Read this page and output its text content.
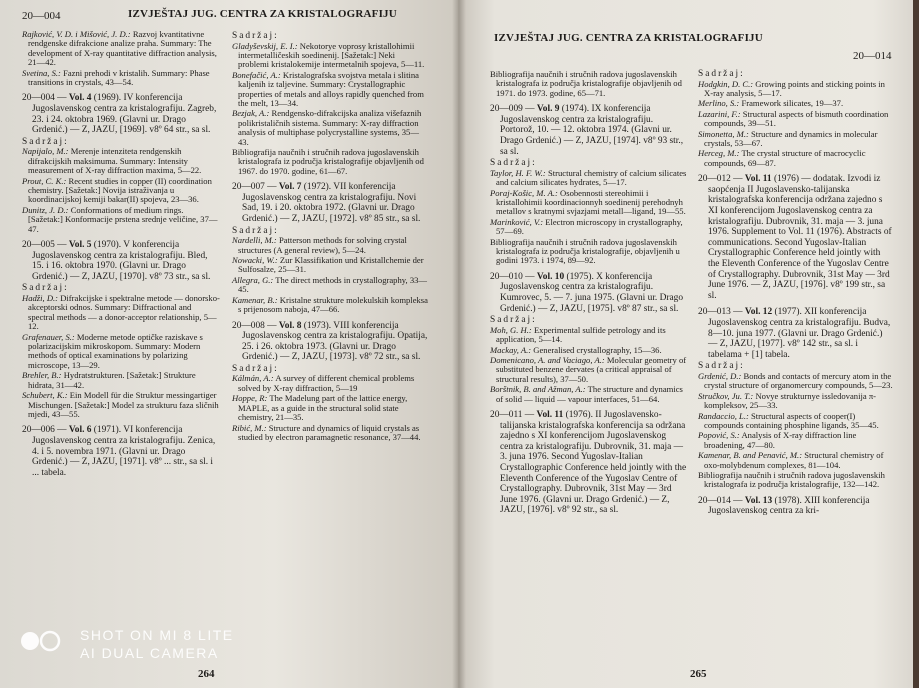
20—004	IZVJEŠTAJ JUG. CENTRA ZA KRISTALOGRAFIJU
Rajković, V. D. i Mišović, J. D.: Razvoj kvantitativne rendgenske difrakcione analize praha. Summary: The development of X-ray quantitative diffraction analysis, 21—42.
Svetina, S.: Fazni prehodi v kristalih. Summary: Phase transitions in crystals, 43—54.
20—004 — Vol. 4 (1969). IV konferencija Jugoslavenskog centra za kristalografiju. Zagreb, 23. i 24. oktobra 1969. (Glavni ur. Drago Grdenić.) — Z, JAZU, [1969]. v8º 64 str., sa sl.
Sadržaj:
Napijalo, M.: Merenje intenziteta rendgenskih difrakcijskih maksimuma. Summary: Intensity measurement of X-ray diffraction maxima, 5—22.
Prout, C. K.: Recent studies in copper (II) coordination chemistry. [Sažetak:] Novija istraživanja u koordinacijskoj kemiji bakar(II) spojeva, 23—36.
Dunitz, J. D.: Conformations of medium rings. [Sažetak:] Konformacije prstena srednje veličine, 37—47.
20—005 — Vol. 5 (1970). V konferencija Jugoslavenskog centra za kristalografiju. Bled, 15. i 16. oktobra 1970. (Glavni ur. Drago Grdenić.) — Z, JAZU, [1970]. v8º 73 str., sa sl.
Sadržaj:
Hadži, D.: Difrakcijske i spektralne metode — donorsko-akceptorski odnos. Summary: Diffractional and spectral methods — a donor-acceptor relationship, 5—12.
Grafenauer, S.: Moderne metode optičke raziskave s polarizacijskim mikroskopom. Summary: Modern methods of optical examinations by polarizing microscope, 13—29.
Brehler, B.: Hydratstrukturen. [Sažetak:] Strukture hidrata, 31—42.
Schubert, K.: Ein Modell für die Struktur messingartiger Mischungen. [Sažetak:] Model za strukturu faza sličnih mjedi, 43—55.
20—006 — Vol. 6 (1971). VI konferencija Jugoslavenskog centra za kristalografiju. Zenica, 4. i 5. novembra 1971. (Glavni ur. Drago Grdenić.) — Z, JAZU, [1971]. v8º ... str., sa sl. i ... tabela.
Sadržaj:
Gladyševskij, E. I.: Nekotorye voprosy kristallohimii intermetalličeskih soedinenij. [Sažetak:] Neki problemi kristalokemije intermetalnih spojeva, 5—11.
Bonefačić, A.: Kristalografska svojstva metala i slitina kaljenih iz taljevine. Summary: Crystallographic properties of metals and alloys rapidly quenched from the melt, 13—34.
Bezjak, A.: Rendgensko-difrakcijska analiza višefaznih polikristaličnih sistema. Summary: X-ray diffraction analysis of multiphase polycrystalline systems, 35—43.
Bibliografija naučnih i stručnih radova jugoslavenskih kristalografa iz područja kristalografije objavljenih od 1967. do 1970. godine, 61—67.
20—007 — Vol. 7 (1972). VII konferencija Jugoslavenskog centra za kristalografiju. Novi Sad, 19. i 20. oktobra 1972. (Glavni ur. Drago Grdenić.) — Z, JAZU, [1972]. v8º 85 str., sa sl.
Sadržaj:
Nardelli, M.: Patterson methods for solving crystal structures (A general review), 5—24.
Nowacki, W.: Zur Klassifikation und Kristallchemie der Sulfosalze, 25—31.
Allegra, G.: The direct methods in crystallography, 33—45.
Kamenar, B.: Kristalne strukture molekulskih kompleksa s prijenosom naboja, 47—66.
20—008 — Vol. 8 (1973). VIII konferencija Jugoslavenskog centra za kristalografiju. Opatija, 25. i 26. oktobra 1973. (Glavni ur. Drago Grdenić.) — Z, JAZU, [1973]. v8º 72 str., sa sl.
Sadržaj:
Kálmán, A.: A survey of different chemical problems solved by X-ray diffraction, 5—19
Hoppe, R: The Madelung part of the lattice energy, MAPLE, as a guide in the structural solid state chemistry, 21—35.
Ribić, M.: Structure and dynamics of liquid crystals as studied by electron paramagnetic resonance, 37—44.
264
IZVJEŠTAJ JUG. CENTRA ZA KRISTALOGRAFIJU
20—014
Bibliografija naučnih i stručnih radova jugoslavenskih kristalografa iz područja kristalografije objavljenih od 1971. do 1973. godine, 65—71.
20—009 — Vol. 9 (1974). IX konferencija Jugoslavenskog centra za kristalografiju. Portorož, 10. — 12. oktobra 1974. (Glavni ur. Drago Grdenić.) — Z, JAZU, [1974]. v8º 93 str., sa sl.
Sadržaj:
Taylor, H. F. W.: Structural chemistry of calcium silicates and calcium silicates hydrates, 5—17.
Poraj-Košic, M. A.: Osobennosti stereohimii i kristallohimii koordinacionnyh soedinenij perehodnyh metallov s kratnymi svjazjami metall—ligand, 19—55.
Marinković, V.: Electron microscopy in crystallography, 57—69.
Bibliografija naučnih i stručnih radova jugoslavenskih kristalografa iz područja kristalografije, objavljenih u godini 1973. i 1974, 89—92.
20—010 — Vol. 10 (1975). X konferencija Jugoslavenskog centra za kristalografiju. Kumrovec, 5. — 7. juna 1975. (Glavni ur. Drago Grdenić.) — Z, JAZU, [1975]. v8º 87 str., sa sl.
Sadržaj:
Moh, G. H.: Experimental sulfide petrology and its application, 5—14.
Mackay, A.: Generalised crystallography, 15—36.
Domenicano, A. and Vaciago, A.: Molecular geometry of substituted benzene dervates (a critical appraisal of structural results), 37—50.
Borštnik, B. and Ažman, A.: The structure and dynamics of solid — liquid — vapour interfaces, 51—64.
20—011 — Vol. 11 (1976). II Jugoslavensko-talijanska kristalografska konferencija sa održana zajedno s XI konferencijom Jugoslavenskog centra za kristalografiju. Dubrovnik, 31. maja — 3. juna 1976. Second Yugoslav-Italian Crystallographic Conference held jointly with the Eleventh Conference of the Yugoslav Centre of Crystallography. Dubrovnik, 31st May — 3rd June 1976. (Glavni ur. Drago Grdenić.) — Z, JAZU, [1976]. v8º 92 str., sa sl.
Sadržaj:
Hodgkin, D. C.: Growing points and sticking points in X-ray analysis, 5—17.
Merlino, S.: Framework silicates, 19—37.
Lazarini, F.: Structural aspects of bismuth coordination compounds, 39—51.
Simonetta, M.: Structure and dynamics in molecular crystals, 53—67.
Herceg, M.: The crystal structure of macrocyclic compounds, 69—87.
20—012 — Vol. 11 (1976) — dodatak. Izvodi iz saopćenja II Jugoslavensko-talijanska kristalografska konferencija održana zajedno s XI konferencijom Jugoslavenskog centra za kristalografiju. Dubrovnik, 31. maja — 3. juna 1976. Supplement to Vol. 11 (1976). Abstracts of communications. Second Yugoslav-Italian Crystallographic Conference held jointly with the Eleventh Conference of the Yugoslav Centre of Crystallography. Dubrovnik, 31st May — 3rd June 1976. — Z, JAZU, [1976]. v8º 199 str., sa sl.
20—013 — Vol. 12 (1977). XII konferencija Jugoslavenskog centra za kristalografiju. Budva, 8—10. juna 1977. (Glavni ur. Drago Grdenić.) — Z, JAZU, [1977]. v8º 142 str., sa sl. i tabelama + [1] tabela.
Sadržaj:
Grdenić, D.: Bonds and contacts of mercury atom in the crystal structure of organomercury compounds, 5—23.
Stručkov, Ju. T.: Novye strukturnye issledovanija π-kompleksov, 25—33.
Randaccio, L.: Structural aspects of cooper(I) compounds containing phosphine ligands, 35—45.
Popović, S.: Analysis of X-ray diffraction line broadening, 47—80.
Kamenar, B. and Penavić, M.: Structural chemistry of oxo-molybdenum complexes, 81—104.
Bibliografija naučnih i stručnih radova jugoslavenskih kristalografa iz područja kristalografije, 132—142.
20—014 — Vol. 13 (1978). XIII konferencija Jugoslavenskog centra za kri-
265
SHOT ON MI 8 LITE
AI DUAL CAMERA
